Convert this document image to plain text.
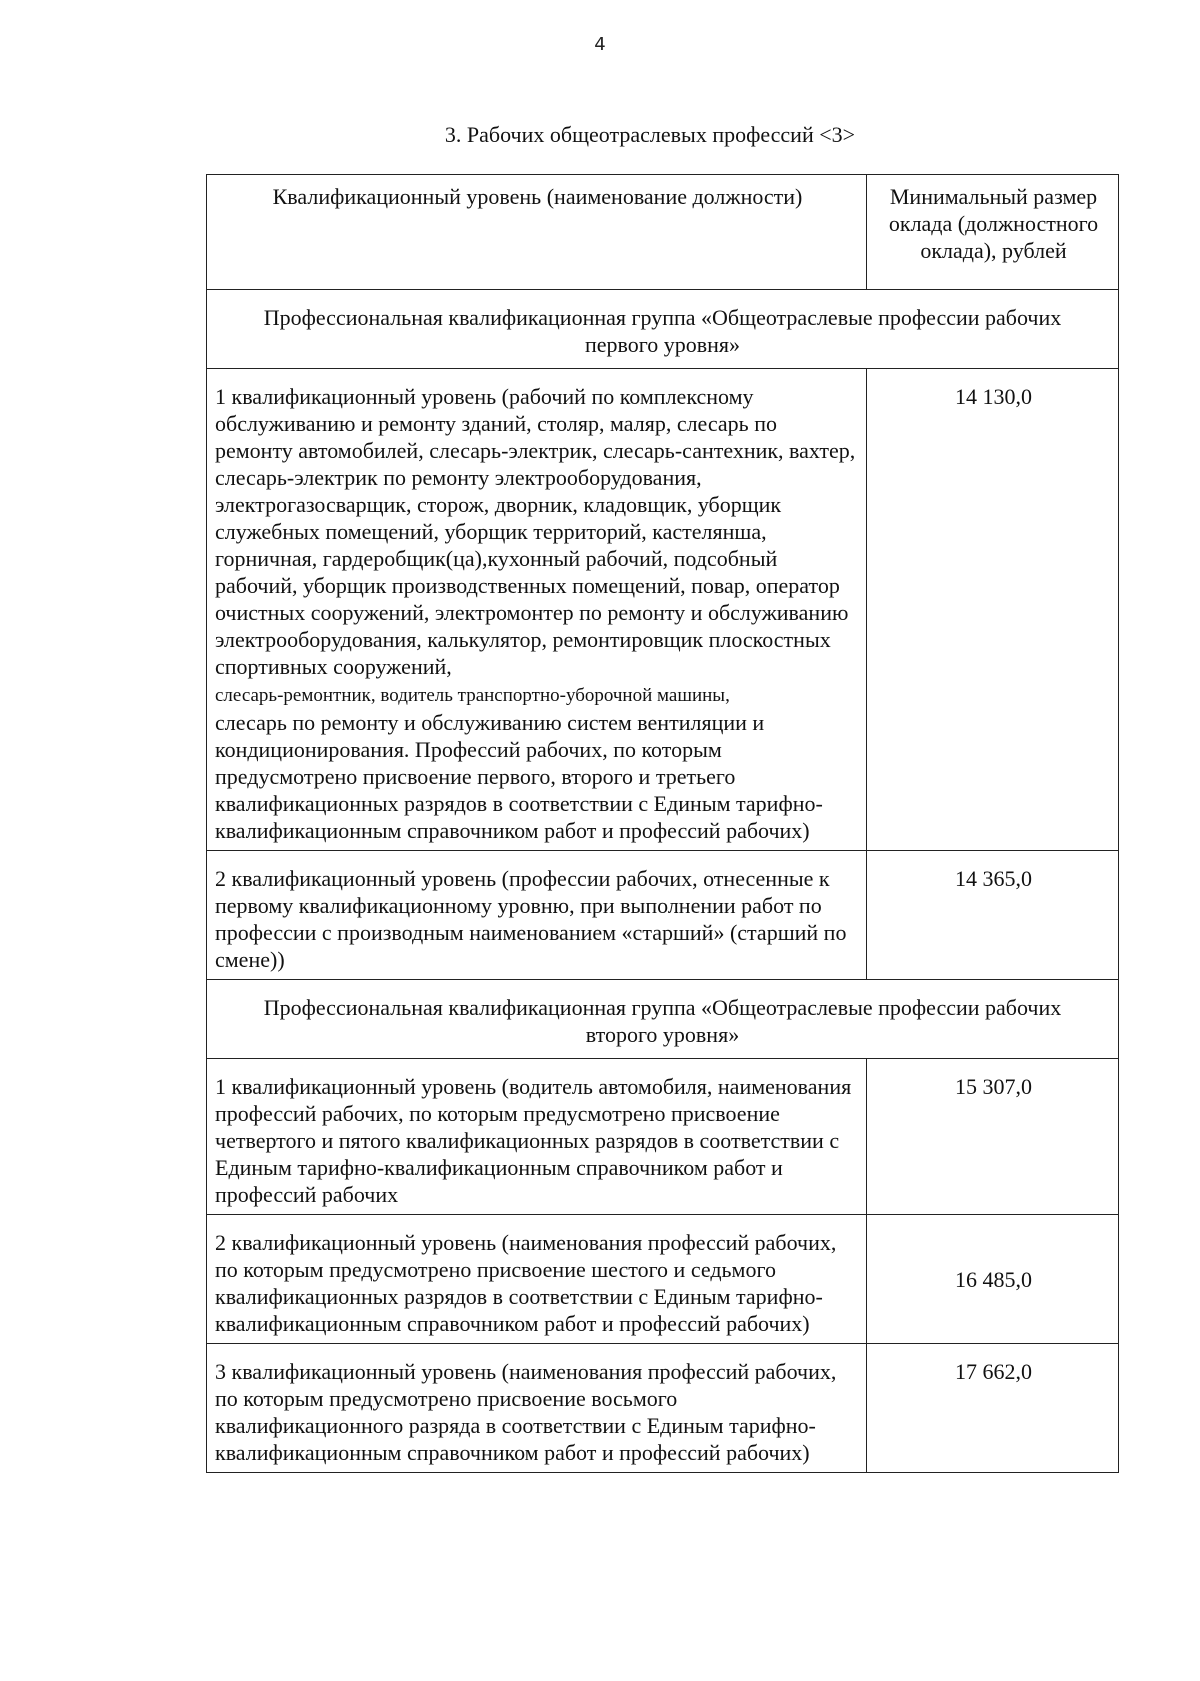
4
3. Рабочих общеотраслевых профессий <3>
Квалификационный уровень (наименование должности)	Минимальный размер оклада (должностного оклада), рублей
Профессиональная квалификационная группа «Общеотраслевые профессии рабочих первого уровня»	
1 квалификационный уровень (рабочий по комплексному обслуживанию и ремонту зданий, столяр, маляр, слесарь по ремонту автомобилей, слесарь-электрик, слесарь-сантехник, вахтер, слесарь-электрик по ремонту электрооборудования, электрогазосварщик, сторож, дворник, кладовщик, уборщик служебных помещений, уборщик территорий, кастелянша, горничная, гардеробщик(ца),кухонный рабочий, подсобный рабочий, уборщик производственных помещений, повар, оператор очистных сооружений, электромонтер по ремонту и обслуживанию электрооборудования, калькулятор, ремонтировщик плоскостных спортивных сооружений,
слесарь-ремонтник, водитель транспортно-уборочной машины,
слесарь по ремонту и обслуживанию систем вентиляции и кондиционирования. Профессий рабочих, по которым предусмотрено присвоение первого, второго и третьего квалификационных разрядов в соответствии с Единым тарифно-квалификационным справочником работ и профессий рабочих)	14 130,0
2 квалификационный уровень (профессии рабочих, отнесенные к первому квалификационному уровню, при выполнении работ по профессии с производным наименованием «старший» (старший по смене))	14 365,0
Профессиональная квалификационная группа «Общеотраслевые профессии рабочих второго уровня»	
1 квалификационный уровень (водитель автомобиля, наименования профессий рабочих, по которым предусмотрено присвоение четвертого и пятого квалификационных разрядов в соответствии с Единым тарифно-квалификационным справочником работ и профессий рабочих	15 307,0
2 квалификационный уровень (наименования профессий рабочих, по которым предусмотрено присвоение шестого и седьмого квалификационных разрядов в соответствии с Единым тарифно-квалификационным справочником работ и профессий рабочих)	16 485,0
3 квалификационный уровень (наименования профессий рабочих, по которым предусмотрено присвоение восьмого квалификационного разряда в соответствии с Единым тарифно-квалификационным справочником работ и профессий рабочих)	17 662,0
